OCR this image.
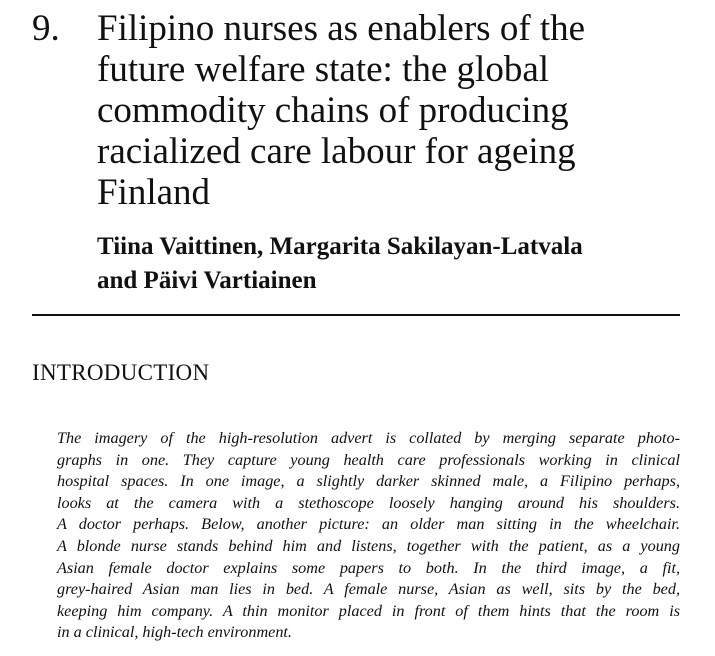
9. Filipino nurses as enablers of the
future welfare state: the global
commodity chains of producing
racialized care labour for ageing
Finland
Tiina Vaittinen, Margarita Sakilayan-Latvala
and Päivi Vartiainen
INTRODUCTION
The imagery of the high-resolution advert is collated by merging separate photo-
graphs in one. They capture young health care professionals working in clinical
hospital spaces. In one image, a slightly darker skinned male, a Filipino perhaps,
looks at the camera with a stethoscope loosely hanging around his shoulders.
A doctor perhaps. Below, another picture: an older man sitting in the wheelchair.
A blonde nurse stands behind him and listens, together with the patient, as a young
Asian female doctor explains some papers to both. In the third image, a fit,
grey-haired Asian man lies in bed. A female nurse, Asian as well, sits by the bed,
keeping him company. A thin monitor placed in front of them hints that the room is
in a clinical, high-tech environment.
